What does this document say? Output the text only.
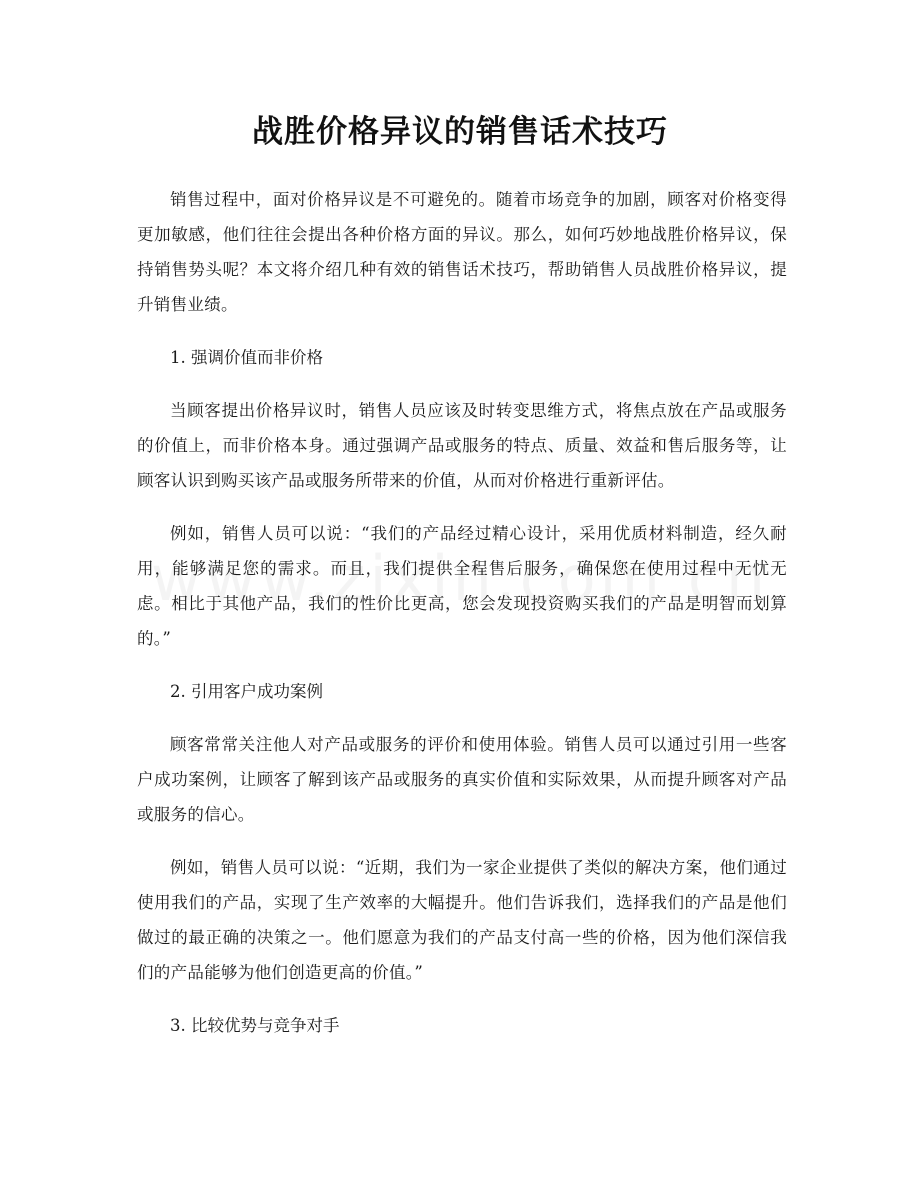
战胜价格异议的销售话术技巧

销售过程中，面对价格异议是不可避免的。随着市场竞争的加剧，顾客对价格变得更加敏感，他们往往会提出各种价格方面的异议。那么，如何巧妙地战胜价格异议，保持销售势头呢？本文将介绍几种有效的销售话术技巧，帮助销售人员战胜价格异议，提升销售业绩。

1. 强调价值而非价格

当顾客提出价格异议时，销售人员应该及时转变思维方式，将焦点放在产品或服务的价值上，而非价格本身。通过强调产品或服务的特点、质量、效益和售后服务等，让顾客认识到购买该产品或服务所带来的价值，从而对价格进行重新评估。

例如，销售人员可以说：“我们的产品经过精心设计，采用优质材料制造，经久耐用，能够满足您的需求。而且，我们提供全程售后服务，确保您在使用过程中无忧无虑。相比于其他产品，我们的性价比更高，您会发现投资购买我们的产品是明智而划算的。”

2. 引用客户成功案例

顾客常常关注他人对产品或服务的评价和使用体验。销售人员可以通过引用一些客户成功案例，让顾客了解到该产品或服务的真实价值和实际效果，从而提升顾客对产品或服务的信心。

例如，销售人员可以说：“近期，我们为一家企业提供了类似的解决方案，他们通过使用我们的产品，实现了生产效率的大幅提升。他们告诉我们，选择我们的产品是他们做过的最正确的决策之一。他们愿意为我们的产品支付高一些的价格，因为他们深信我们的产品能够为他们创造更高的价值。”

3. 比较优势与竞争对手
